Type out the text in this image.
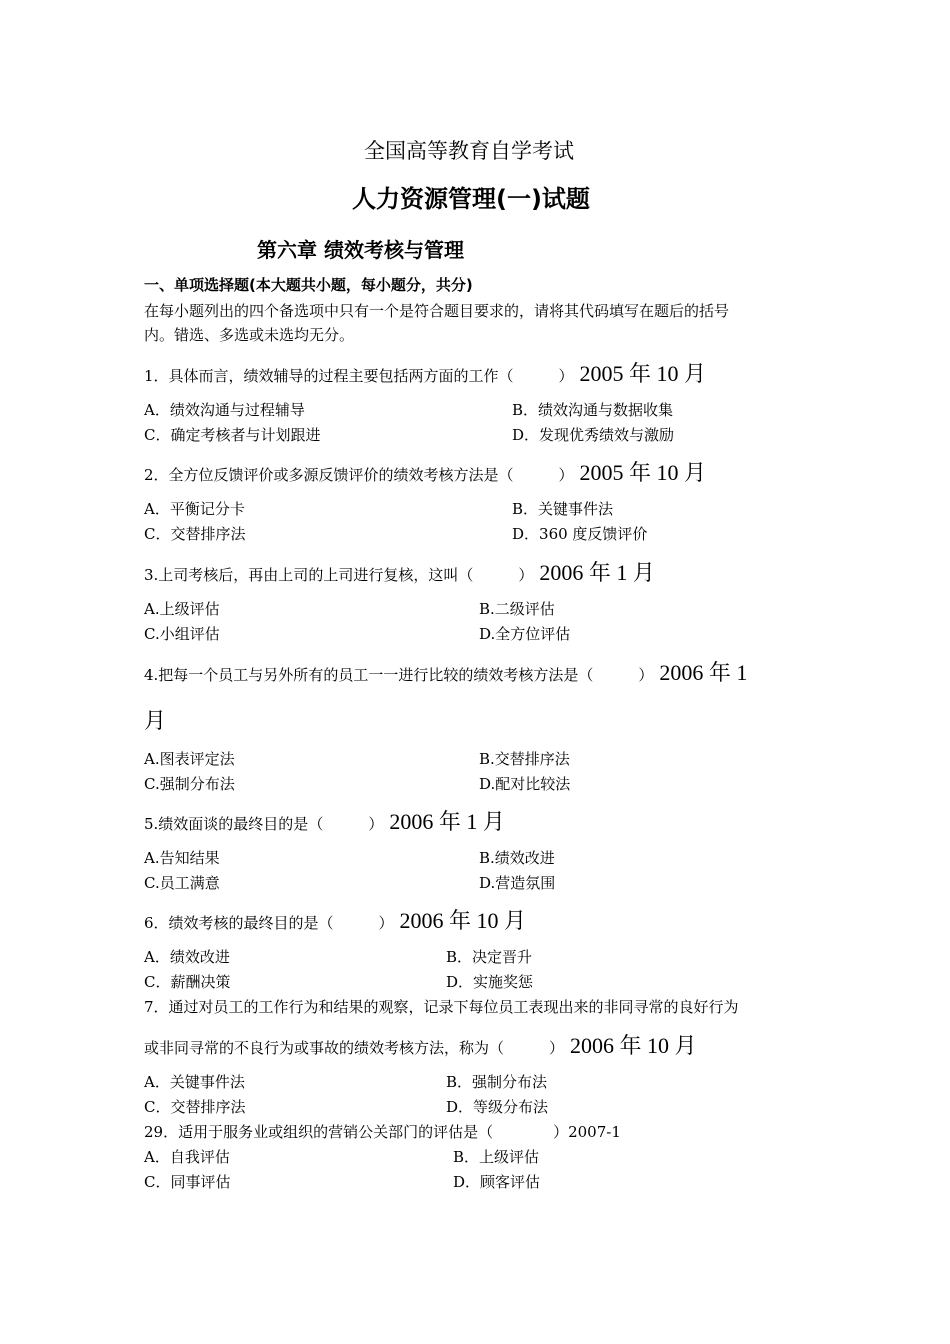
全国高等教育自学考试
人力资源管理(一)试题
第六章 绩效考核与管理
一、单项选择题(本大题共小题，每小题分，共分)
在每小题列出的四个备选项中只有一个是符合题目要求的，请将其代码填写在题后的括号
内。错选、多选或未选均无分。
1．具体而言，绩效辅导的过程主要包括两方面的工作（　　　） 2005 年 10 月
A．绩效沟通与过程辅导	B．绩效沟通与数据收集
C．确定考核者与计划跟进	D．发现优秀绩效与激励
2．全方位反馈评价或多源反馈评价的绩效考核方法是（　　　） 2005 年 10 月
A．平衡记分卡	B．关键事件法
C．交替排序法	D．360 度反馈评价
3.上司考核后，再由上司的上司进行复核，这叫（　　　） 2006 年 1 月
A.上级评估	B.二级评估
C.小组评估	D.全方位评估
4.把每一个员工与另外所有的员工一一进行比较的绩效考核方法是（　　　） 2006 年 1
月
A.图表评定法	B.交替排序法
C.强制分布法	D.配对比较法
5.绩效面谈的最终目的是（　　　） 2006 年 1 月
A.告知结果	B.绩效改进
C.员工满意	D.营造氛围
6．绩效考核的最终目的是（　　　） 2006 年 10 月
A．绩效改进	B．决定晋升
C．薪酬决策	D．实施奖惩
7．通过对员工的工作行为和结果的观察，记录下每位员工表现出来的非同寻常的良好行为
或非同寻常的不良行为或事故的绩效考核方法，称为（　　　） 2006 年 10 月
A．关键事件法	B．强制分布法
C．交替排序法	D．等级分布法
29．适用于服务业或组织的营销公关部门的评估是（　　　　）2007-1
A．自我评估	B．上级评估
C．同事评估	D．顾客评估
